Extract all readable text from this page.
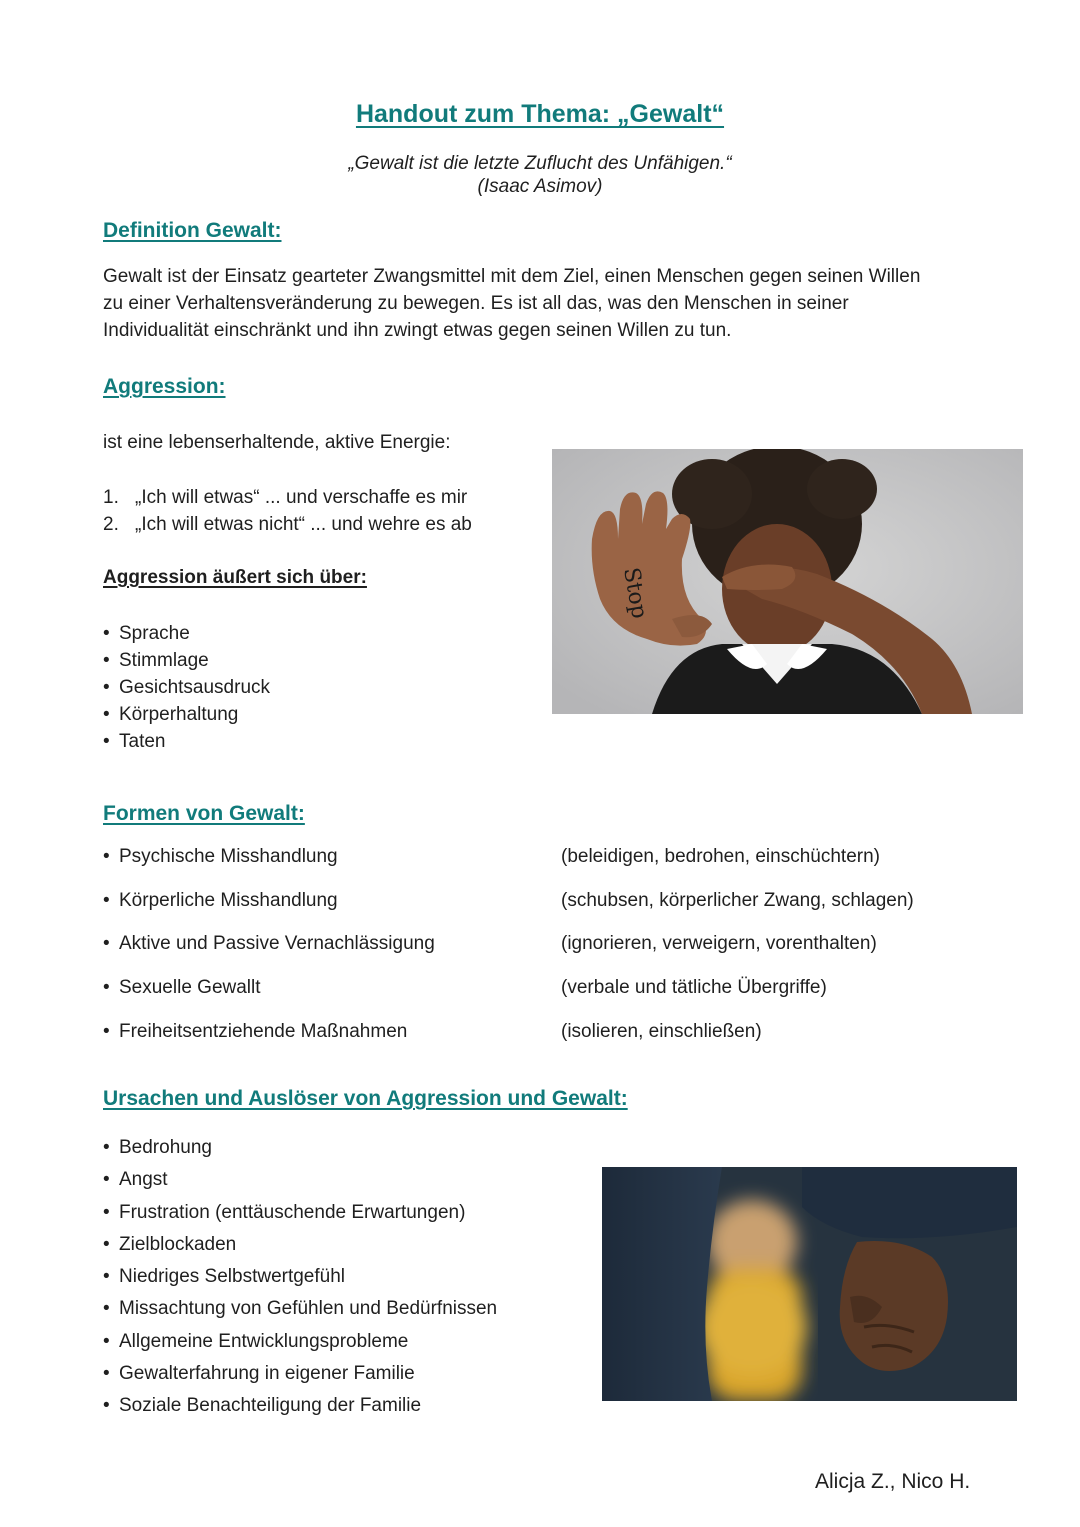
Handout zum Thema: „Gewalt“
„Gewalt ist die letzte Zuflucht des Unfähigen.“
(Isaac Asimov)
Definition Gewalt:
Gewalt ist der Einsatz gearteter Zwangsmittel mit dem Ziel, einen Menschen gegen seinen Willen
zu einer Verhaltensveränderung zu bewegen. Es ist all das, was den Menschen in seiner
Individualität einschränkt und ihn zwingt etwas gegen seinen Willen zu tun.
Aggression:
ist eine lebenserhaltende, aktive Energie:
1. „Ich will etwas“ ... und verschaffe es mir
2. „Ich will etwas nicht“ ... und wehre es ab
Aggression äußert sich über:
• Sprache
• Stimmlage
• Gesichtsausdruck
• Körperhaltung
• Taten
Stop
Formen von Gewalt:
• Psychische Misshandlung	(beleidigen, bedrohen, einschüchtern)
• Körperliche Misshandlung	(schubsen, körperlicher Zwang, schlagen)
• Aktive und Passive Vernachlässigung	(ignorieren, verweigern, vorenthalten)
• Sexuelle Gewallt	(verbale und tätliche Übergriffe)
• Freiheitsentziehende Maßnahmen	(isolieren, einschließen)
Ursachen und Auslöser von Aggression und Gewalt:
• Bedrohung
• Angst
• Frustration (enttäuschende Erwartungen)
• Zielblockaden
• Niedriges Selbstwertgefühl
• Missachtung von Gefühlen und Bedürfnissen
• Allgemeine Entwicklungsprobleme
• Gewalterfahrung in eigener Familie
• Soziale Benachteiligung der Familie
Alicja Z., Nico H.
